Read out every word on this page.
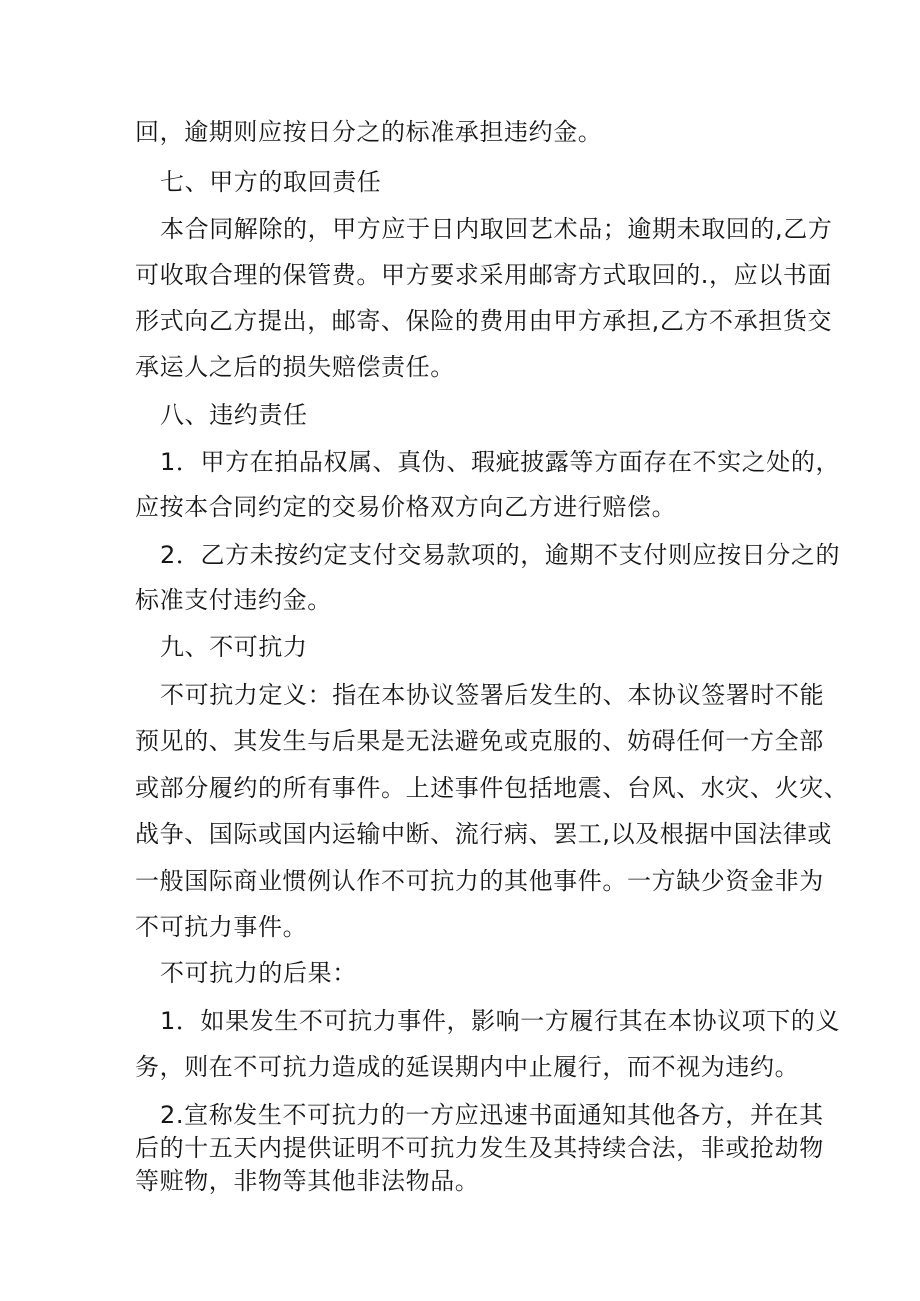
回，逾期则应按日分之的标准承担违约金。
七、甲方的取回责任
本合同解除的，甲方应于日内取回艺术品；逾期未取回的,乙方
可收取合理的保管费。甲方要求采用邮寄方式取回的.，应以书面
形式向乙方提出，邮寄、保险的费用由甲方承担,乙方不承担货交
承运人之后的损失赔偿责任。
八、违约责任
1．甲方在拍品权属、真伪、瑕疵披露等方面存在不实之处的，
应按本合同约定的交易价格双方向乙方进行赔偿。
2．乙方未按约定支付交易款项的，逾期不支付则应按日分之的
标准支付违约金。
九、不可抗力
不可抗力定义：指在本协议签署后发生的、本协议签署时不能
预见的、其发生与后果是无法避免或克服的、妨碍任何一方全部
或部分履约的所有事件。上述事件包括地震、台风、水灾、火灾、
战争、国际或国内运输中断、流行病、罢工,以及根据中国法律或
一般国际商业惯例认作不可抗力的其他事件。一方缺少资金非为
不可抗力事件。
不可抗力的后果：
1．如果发生不可抗力事件，影响一方履行其在本协议项下的义
务，则在不可抗力造成的延误期内中止履行，而不视为违约。
2.宣称发生不可抗力的一方应迅速书面通知其他各方，并在其
后的十五天内提供证明不可抗力发生及其持续合法，非或抢劫物
等赃物，非物等其他非法物品。
